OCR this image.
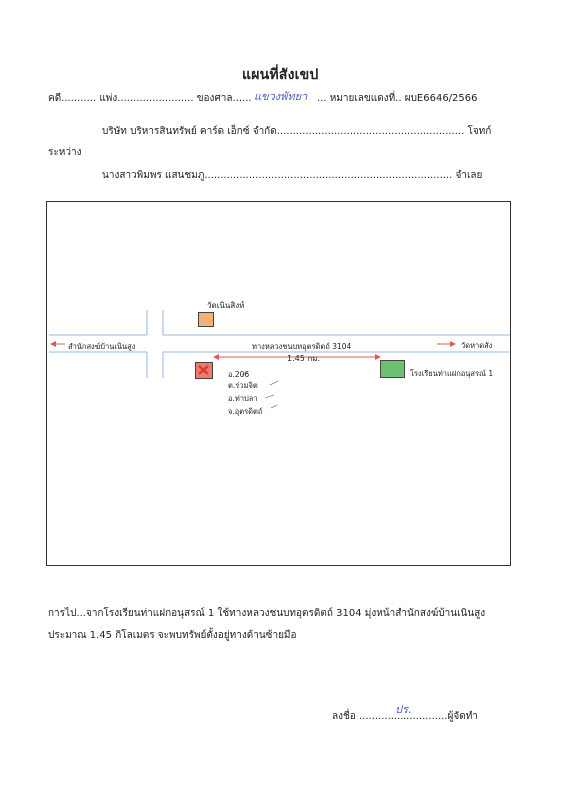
แผนที่สังเขป
คดี........... แพ่ง........................ ของศาล...... แขวงพัทยา ... หมายเลขแดงที่.. ผบE6646/2566
บริษัท บริหารสินทรัพย์ คาร์ด เอ็กซ์ จำกัด........................................................... โจทก์
ระหว่าง
นางสาวพิมพร แสนชมภู.............................................................................. จำเลย
วัดเนินสิงห์
ทางหลวงชนบทอุตรดิตถ์ 3104
สำนักสงฆ์บ้านเนินสูง	วัดหาดสัง
1.45 กม.
โรงเรียนท่าแฝกอนุสรณ์ 1
อ.206
ต.ร่วมจิต
อ.ท่าปลา
จ.อุตรดิตถ์
การไป...จากโรงเรียนท่าแฝกอนุสรณ์ 1 ใช้ทางหลวงชนบทอุตรดิตถ์ 3104 มุ่งหน้าสำนักสงฆ์บ้านเนินสูง
ประมาณ 1.45 กิโลเมตร จะพบทรัพย์ตั้งอยู่ทางด้านซ้ายมือ
ลงชื่อ ..............
ปร.
..............ผู้จัดทำ
